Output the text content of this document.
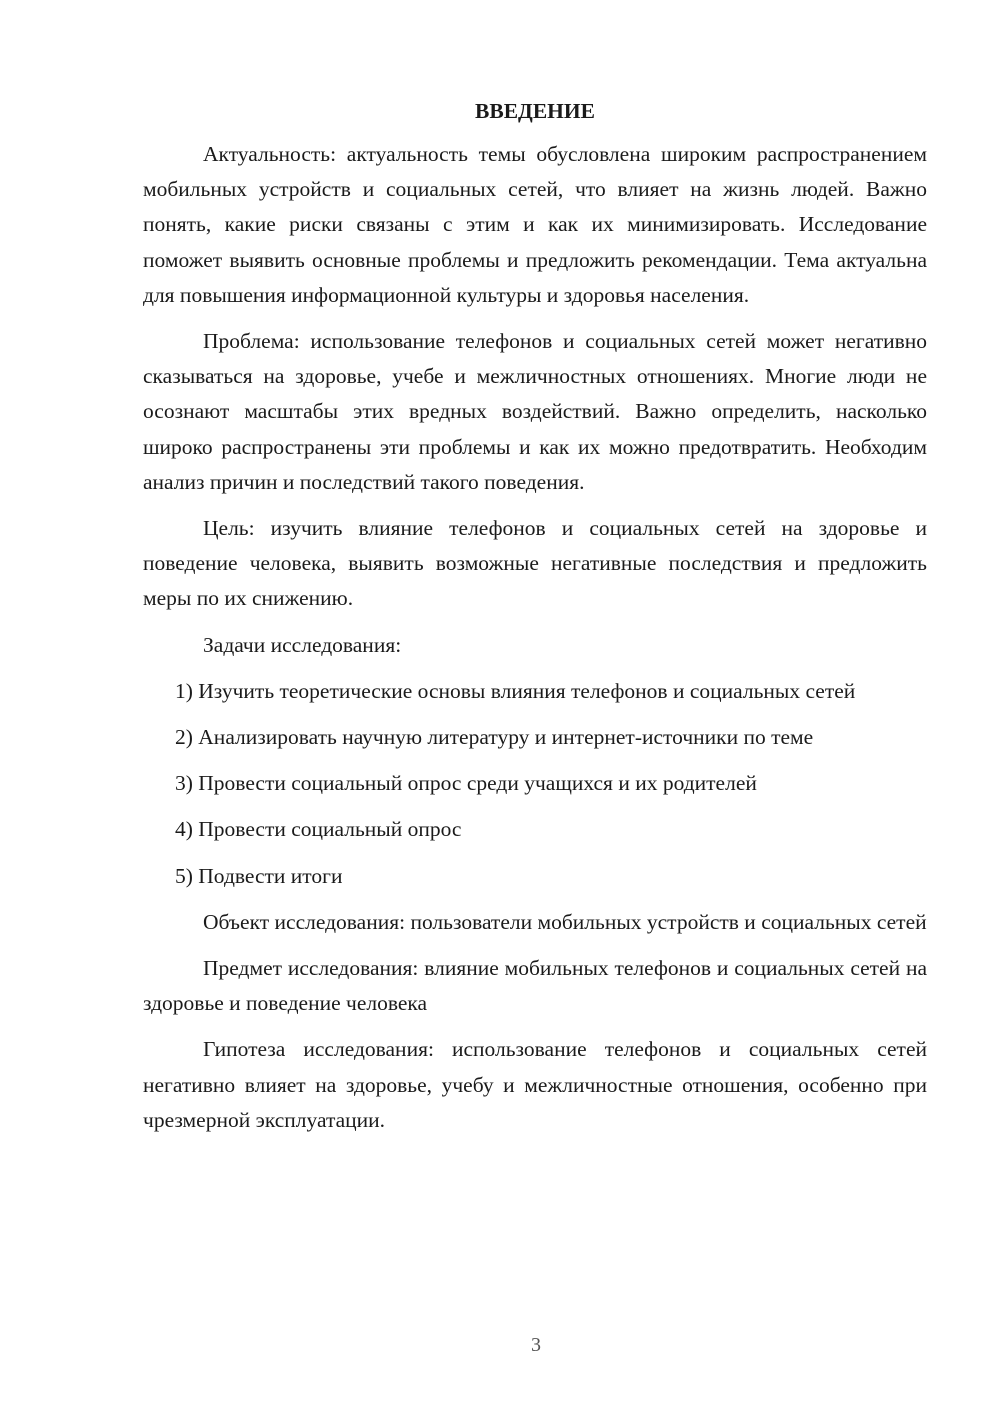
ВВЕДЕНИЕ

Актуальность: актуальность темы обусловлена широким распространением мобильных устройств и социальных сетей, что влияет на жизнь людей. Важно понять, какие риски связаны с этим и как их минимизировать. Исследование поможет выявить основные проблемы и предложить рекомендации. Тема актуальна для повышения информационной культуры и здоровья населения.

Проблема: использование телефонов и социальных сетей может негативно сказываться на здоровье, учебе и межличностных отношениях. Многие люди не осознают масштабы этих вредных воздействий. Важно определить, насколько широко распространены эти проблемы и как их можно предотвратить. Необходим анализ причин и последствий такого поведения.

Цель: изучить влияние телефонов и социальных сетей на здоровье и поведение человека, выявить возможные негативные последствия и предложить меры по их снижению.

Задачи исследования:

1) Изучить теоретические основы влияния телефонов и социальных сетей

2) Анализировать научную литературу и интернет-источники по теме

3) Провести социальный опрос среди учащихся и их родителей

4) Провести социальный опрос

5) Подвести итоги

Объект исследования: пользователи мобильных устройств и социальных сетей

Предмет исследования: влияние мобильных телефонов и социальных сетей на здоровье и поведение человека

Гипотеза исследования: использование телефонов и социальных сетей негативно влияет на здоровье, учебу и межличностные отношения, особенно при чрезмерной эксплуатации.

3
